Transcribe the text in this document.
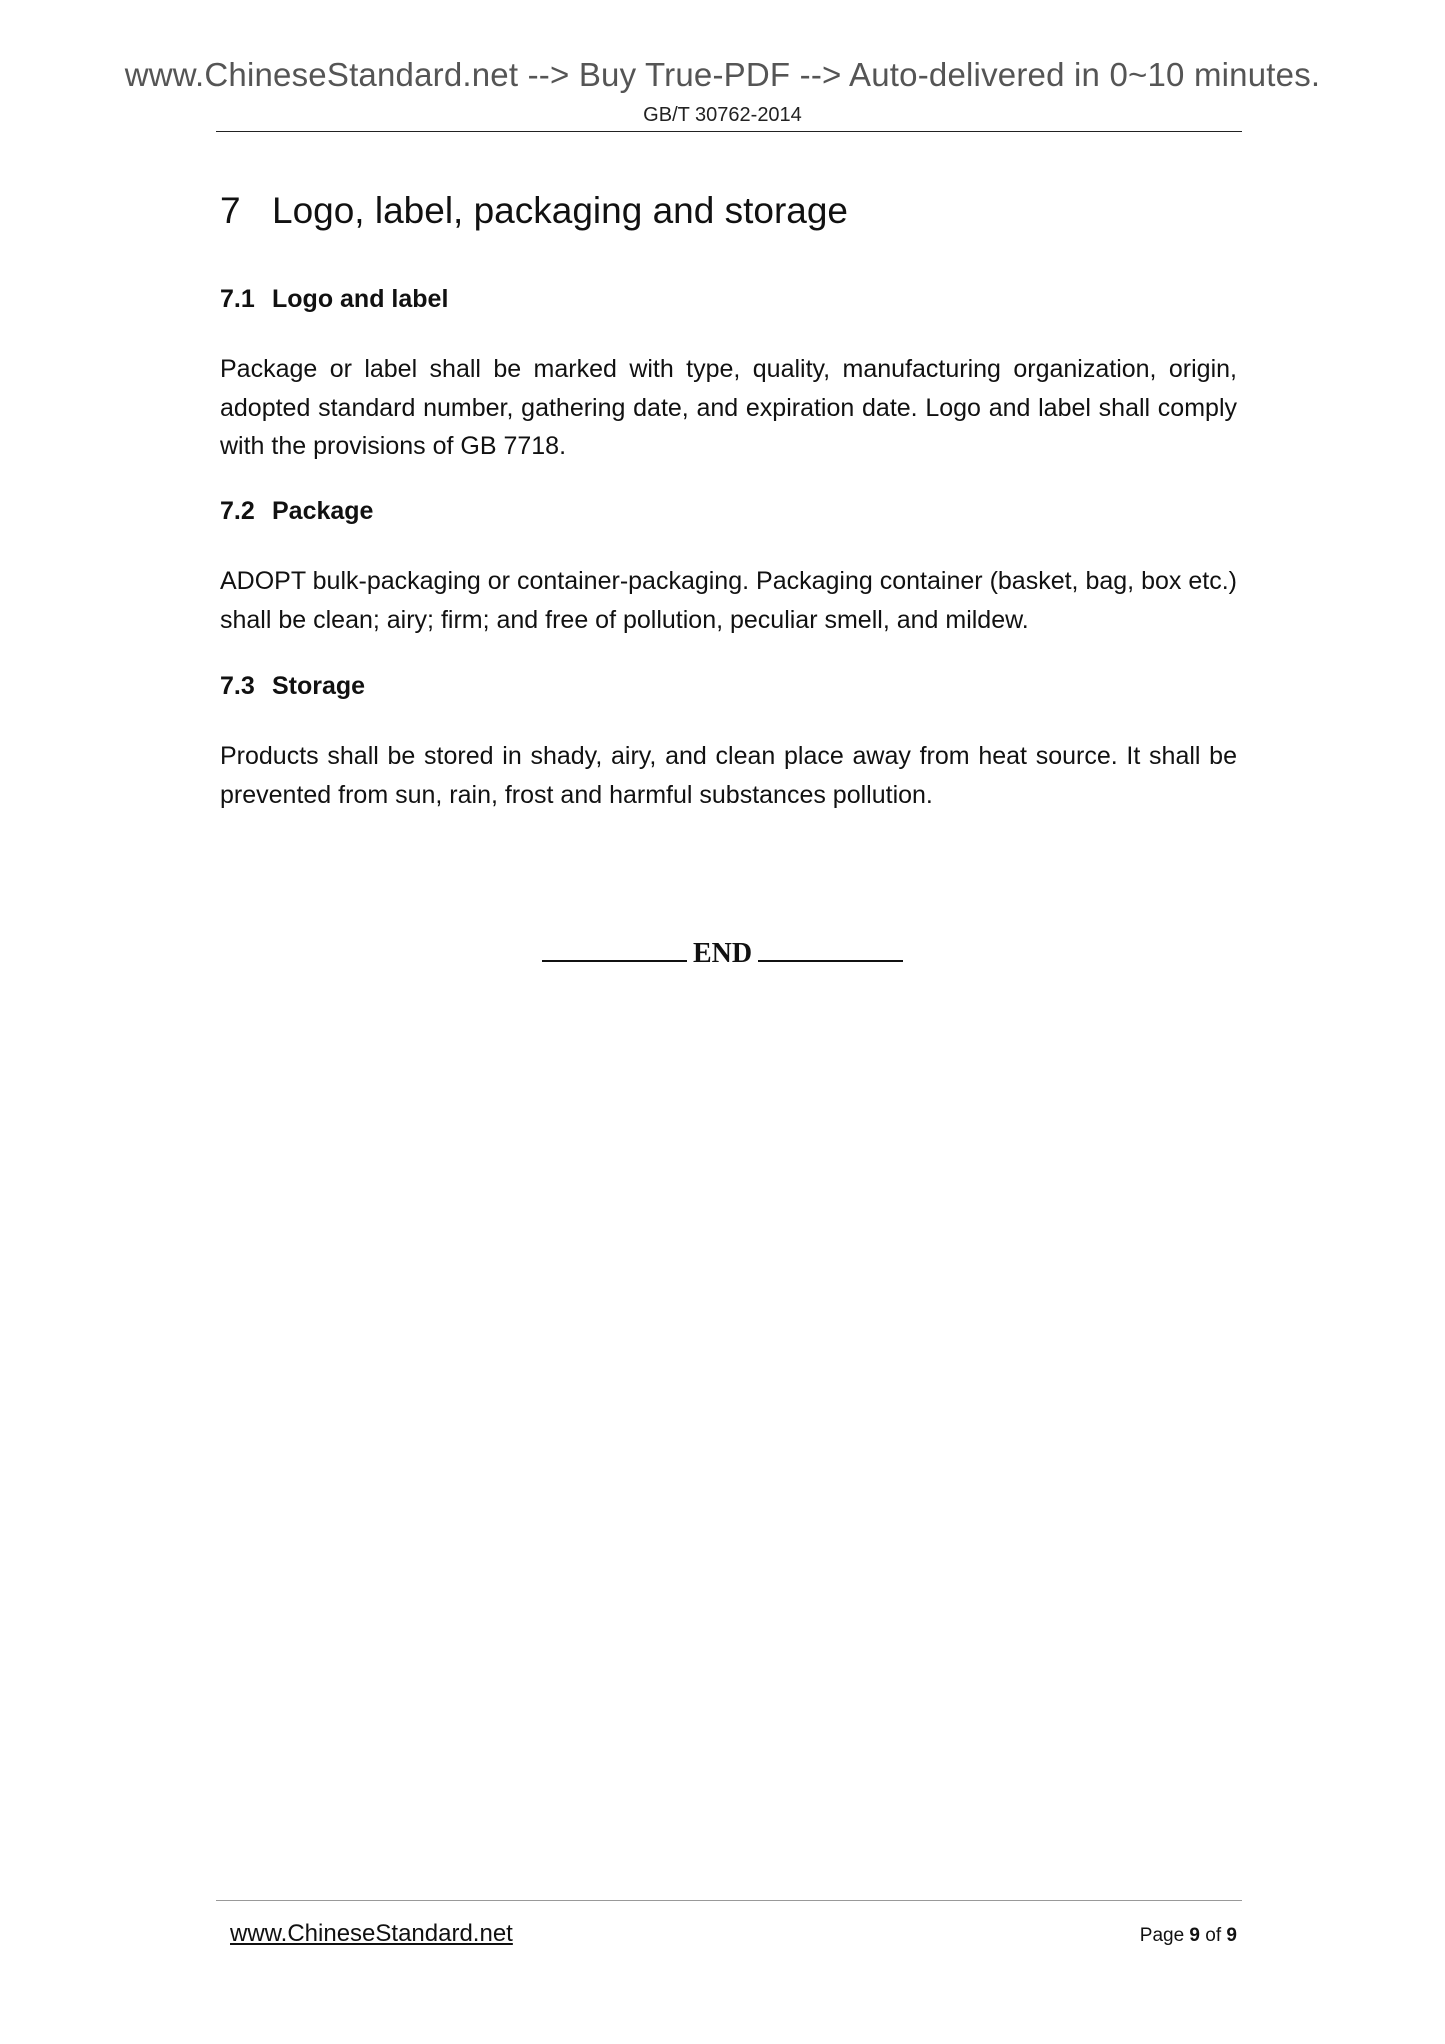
www.ChineseStandard.net --> Buy True-PDF --> Auto-delivered in 0~10 minutes.
GB/T 30762-2014
7 Logo, label, packaging and storage
7.1 Logo and label
Package or label shall be marked with type, quality, manufacturing organization, origin, adopted standard number, gathering date, and expiration date. Logo and label shall comply with the provisions of GB 7718.
7.2 Package
ADOPT bulk-packaging or container-packaging. Packaging container (basket, bag, box etc.) shall be clean; airy; firm; and free of pollution, peculiar smell, and mildew.
7.3 Storage
Products shall be stored in shady, airy, and clean place away from heat source. It shall be prevented from sun, rain, frost and harmful substances pollution.
END
www.ChineseStandard.net	Page 9 of 9
